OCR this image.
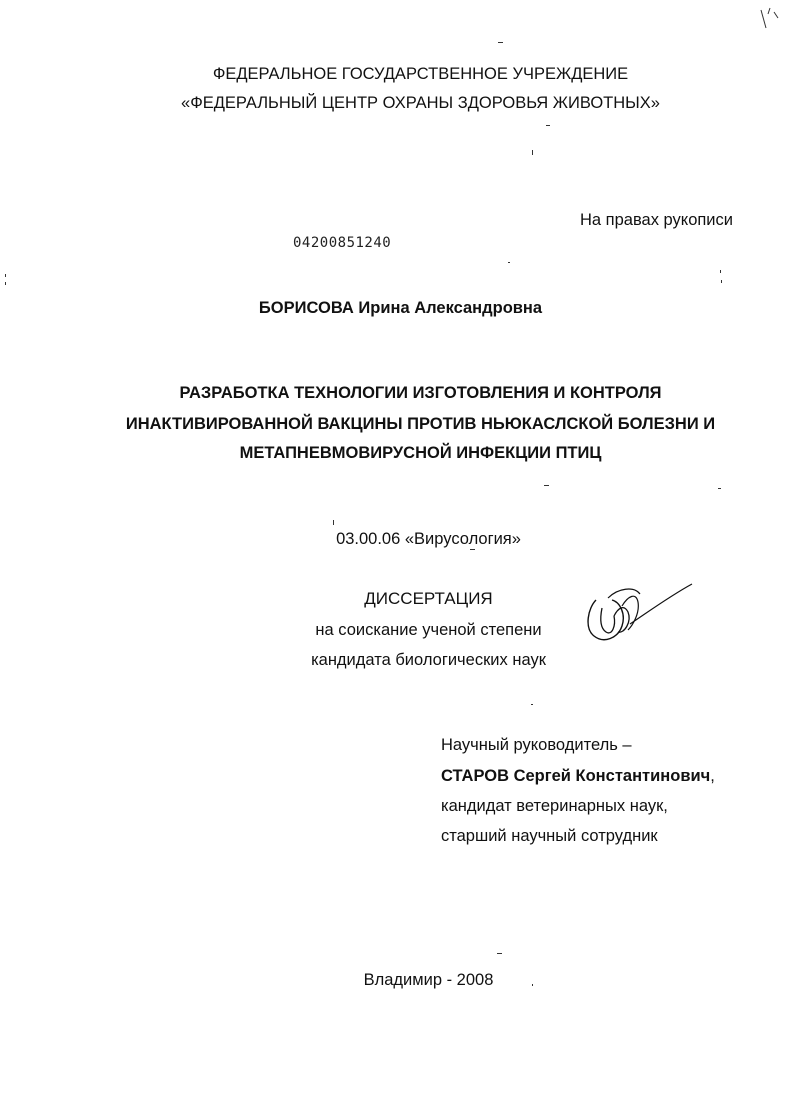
ФЕДЕРАЛЬНОЕ ГОСУДАРСТВЕННОЕ УЧРЕЖДЕНИЕ
«ФЕДЕРАЛЬНЫЙ ЦЕНТР ОХРАНЫ ЗДОРОВЬЯ ЖИВОТНЫХ»
На правах рукописи
04200851240
БОРИСОВА Ирина Александровна
РАЗРАБОТКА ТЕХНОЛОГИИ ИЗГОТОВЛЕНИЯ И КОНТРОЛЯ
ИНАКТИВИРОВАННОЙ ВАКЦИНЫ ПРОТИВ НЬЮКАСЛСКОЙ БОЛЕЗНИ И
МЕТАПНЕВМОВИРУСНОЙ ИНФЕКЦИИ ПТИЦ
03.00.06 «Вирусология»
ДИССЕРТАЦИЯ
на соискание ученой степени
кандидата биологических наук
Научный руководитель –
СТАРОВ Сергей Константинович,
кандидат ветеринарных наук,
старший научный сотрудник
Владимир - 2008
